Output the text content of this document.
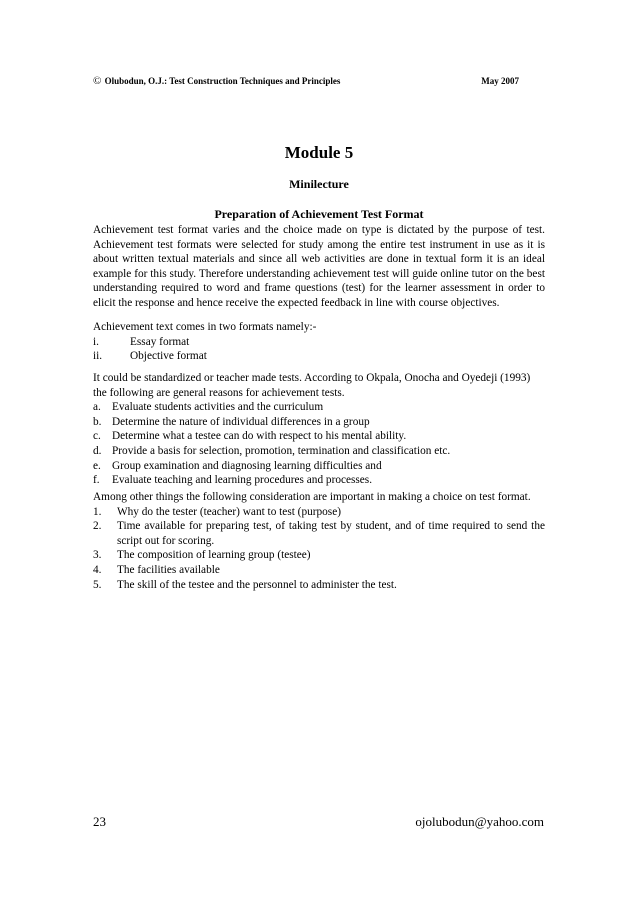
© Olubodun, O.J.: Test Construction Techniques and Principles	May 2007
Module 5
Minilecture
Preparation of Achievement Test Format
Achievement test format varies and the choice made on type is dictated by the purpose of test. Achievement test formats were selected for study among the entire test instrument in use as it is about written textual materials and since all web activities are done in textual form it is an ideal example for this study. Therefore understanding achievement test will guide online tutor on the best understanding required to word and frame questions (test) for the learner assessment in order to elicit the response and hence receive the expected feedback in line with course objectives.
Achievement text comes in two formats namely:-
i.	Essay format
ii.	Objective format
It could be standardized or teacher made tests. According to Okpala, Onocha and Oyedeji (1993)
the following are general reasons for achievement tests.
a. Evaluate students activities and the curriculum
b. Determine the nature of individual differences in a group
c. Determine what a testee can do with respect to his mental ability.
d. Provide a basis for selection, promotion, termination and classification etc.
e. Group examination and diagnosing learning difficulties and
f.	Evaluate teaching and learning procedures and processes.
Among other things the following consideration are important in making a choice on test format.
1.	Why do the tester (teacher) want to test (purpose)
2.	Time available for preparing test, of taking test by student, and of time required to send the script out for scoring.
3.	The composition of learning group (testee)
4.	The facilities available
5.	The skill of the testee and the personnel to administer the test.
23	ojolubodun@yahoo.com
